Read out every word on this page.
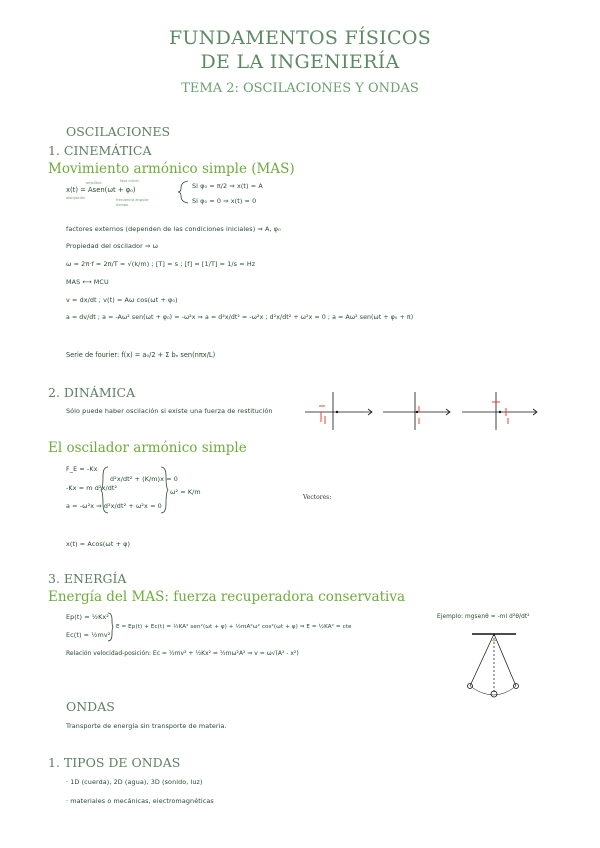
FUNDAMENTOS FÍSICOS
DE LA INGENIERÍA
TEMA 2: OSCILACIONES Y ONDAS
OSCILACIONES
1. CINEMÁTICA
Movimiento armónico simple (MAS)
amplitud	fase inicial
x(t) = Asen(ωt + φ₀)
elongación	frecuencia angular
tiempo
Si φ₀ = π/2 ⇒ x(t) = A
Si φ₀ = 0 ⇒ x(t) = 0
factores externos (dependen de las condiciones iniciales) ⇒ A, φ₀
Propiedad del oscilador ⇒ ω
ω = 2π·f = 2π/T = √(k/m) ; [T] = s ; [f] = [1/T] = 1/s = Hz
MAS ⟷ MCU
v = dx/dt ; v(t) = Aω cos(ωt + φ₀)
a = dv/dt ; a = -Aω² sen(ωt + φ₀) = -ω²x ⇒ a = d²x/dt² = -ω²x ; d²x/dt² + ω²x = 0 ; a = Aω² sen(ωt + φ₀ + π)
Serie de fourier: f(x) = a₀/2 + Σ bₙ sen(nπx/L)
2. DINÁMICA
Sólo puede haber oscilación si existe una fuerza de restitución
El oscilador armónico simple
F_E = -Kx
-Kx = m d²x/dt²
a = -ω²x ⇒ d²x/dt² + ω²x = 0
d²x/dt² + (K/m)x = 0
ω² = K/m
Vectores:
x(t) = Acos(ωt + φ)
3. ENERGÍA
Energía del MAS: fuerza recuperadora conservativa
Ep(t) = ½Kx²
Ec(t) = ½mv²
E = Ep(t) + Ec(t) = ½KA² sen²(ωt + φ) + ½mA²ω² cos²(ωt + φ) ⇒ E = ½KA² = cte
Relación velocidad-posición: Ec = ½mv² + ½Kx² = ½mω²A² ⇒ v = ω√(A² - x²)
Ejemplo: mgsenθ = -ml d²θ/dt²
ONDAS
Transporte de energía sin transporte de materia.
1. TIPOS DE ONDAS
· 1D (cuerda), 2D (agua), 3D (sonido, luz)
· materiales o mecánicas, electromagnéticas
